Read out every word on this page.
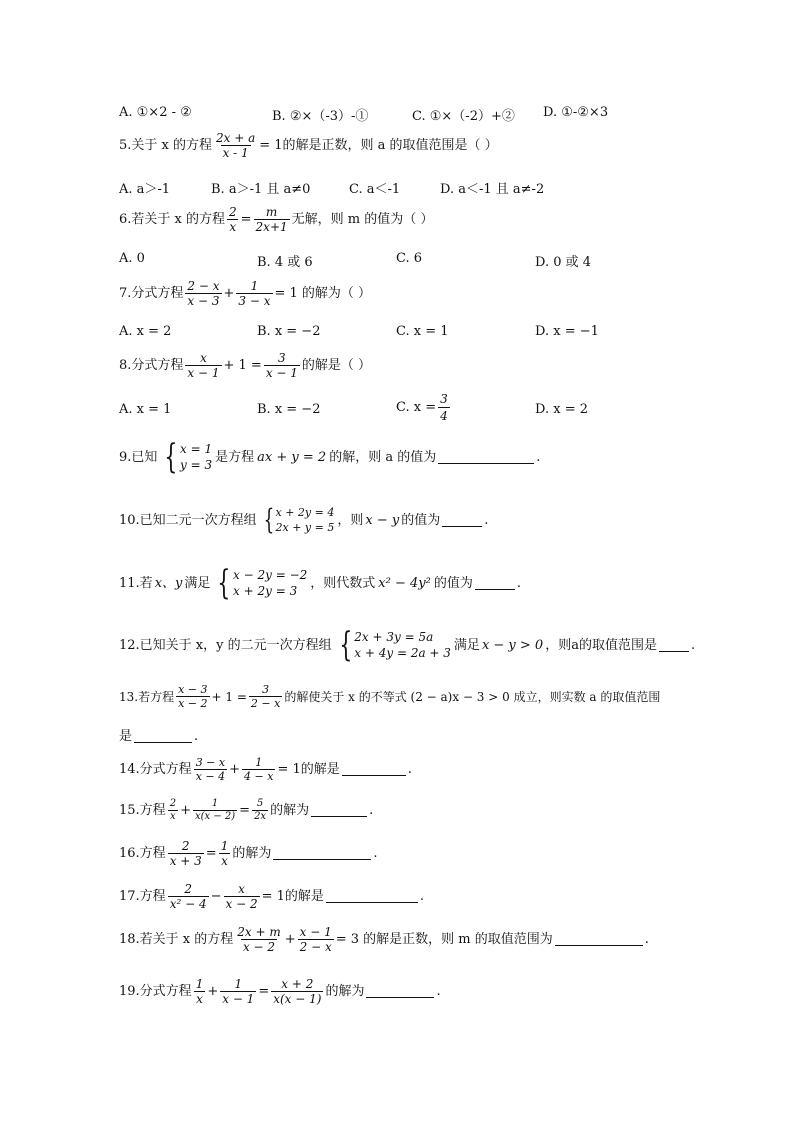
A. ①×2 - ②	B. ②×（-3）-①	C. ①×（-2）+② D. ①-②×3
5.关于 x 的方程 $\frac{2x + a}{x - 1} = 1$的解是正数，则 a 的取值范围是（ ）
A. a＞-1	B. a＞-1 且 a≠0	C. a＜-1	D. a＜-1 且 a≠-2
6.若关于 x 的方程 $\frac{2}{x} = \frac{m}{2x+1}$ 无解，则 m 的值为（ ）
A. 0	B. 4 或 6	C. 6	D. 0 或 4
7.分式方程 $\frac{2 - x}{x - 3} + \frac{1}{3 - x} = 1$ 的解为（ ）
A. x = 2	B. x = −2	C. x = 1	D. x = −1
8.分式方程 $\frac{x}{x - 1} + 1 = \frac{3}{x - 1}$ 的解是（ ）
A. x = 1	B. x = −2	C. $x = \frac{3}{4}$	D. x = 2
9.已知 { x = 1
y = 3
是方程 ax + y = 2 的解，则 a 的值为	.
10.已知二元一次方程组 { x + 2y = 4
2x + y = 5 ，则 x − y 的值为	.
11.若 x、y 满足 { x − 2y = −2
x + 2y = 3
，则代数式 x² − 4y² 的值为	.
12.已知关于 x，y 的二元一次方程组 { 2x + 3y = 5a
x + 4y = 2a + 3
满足 x − y > 0 ，则a的取值范围是	.
13.若方程 $\frac{x - 3}{x - 2} + 1 = \frac{3}{2 - x}$ 的解使关于 x 的不等式 (2 − a)x − 3 > 0 成立，则实数 a 的取值范围
是	.
14.分式方程 $\frac{3 - x}{x - 4} + \frac{1}{4 - x} = 1$的解是	.
15.方程 $\frac{2}{x} + \frac{1}{x(x - 2)} = \frac{5}{2x}$ 的解为	.
16.方程 $\frac{2}{x + 3} = \frac{1}{x}$ 的解为	.
17.方程 $\frac{2}{\text{x² − 4}} - \frac{x}{x - 2} = 1$的解是	.
18.若关于 x 的方程 $\frac{2x + m}{x - 2} + \frac{x - 1}{2 - x} = 3$ 的解是正数，则 m 的取值范围为	.
19.分式方程 $\frac{1}{x} + \frac{1}{x - 1} = \frac{x + 2}{x(x - 1)}$ 的解为	.
